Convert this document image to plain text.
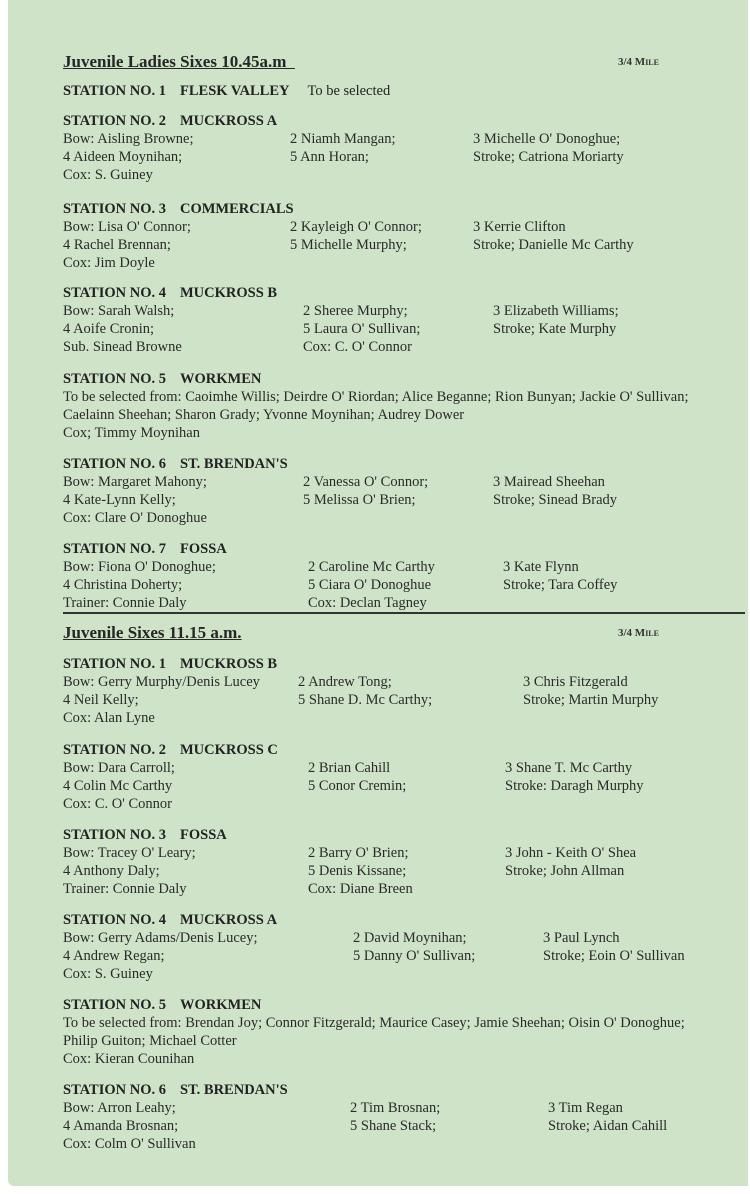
Juvenile Ladies Sixes 10.45a.m	3/4 Mile
STATION NO. 1 FLESK VALLEY To be selected
STATION NO. 2 MUCKROSS A
Bow: Aisling Browne;	2 Niamh Mangan;	3 Michelle O' Donoghue;
4 Aideen Moynihan;	5 Ann Horan;	Stroke; Catriona Moriarty
Cox: S. Guiney
STATION NO. 3 COMMERCIALS
Bow: Lisa O' Connor;	2 Kayleigh O' Connor;	3 Kerrie Clifton
4 Rachel Brennan;	5 Michelle Murphy;	Stroke; Danielle Mc Carthy
Cox: Jim Doyle
STATION NO. 4 MUCKROSS B
Bow: Sarah Walsh;	2 Sheree Murphy;	3 Elizabeth Williams;
4 Aoife Cronin;	5 Laura O' Sullivan;	Stroke; Kate Murphy
Sub. Sinead Browne	Cox: C. O' Connor
STATION NO. 5 WORKMEN
To be selected from: Caoimhe Willis; Deirdre O' Riordan; Alice Beganne; Rion Bunyan; Jackie O' Sullivan; Caelainn Sheehan; Sharon Grady; Yvonne Moynihan; Audrey Dower
Cox; Timmy Moynihan
STATION NO. 6 ST. BRENDAN'S
Bow: Margaret Mahony;	2 Vanessa O' Connor;	3 Mairead Sheehan
4 Kate-Lynn Kelly;	5 Melissa O' Brien;	Stroke; Sinead Brady
Cox: Clare O' Donoghue
STATION NO. 7 FOSSA
Bow: Fiona O' Donoghue;	2 Caroline Mc Carthy	3 Kate Flynn
4 Christina Doherty;	5 Ciara O' Donoghue	Stroke; Tara Coffey
Trainer: Connie Daly	Cox: Declan Tagney
Juvenile Sixes 11.15 a.m.	3/4 Mile
STATION NO. 1 MUCKROSS B
Bow: Gerry Murphy/Denis Lucey	2 Andrew Tong;	3 Chris Fitzgerald
4 Neil Kelly;	5 Shane D. Mc Carthy;	Stroke; Martin Murphy
Cox: Alan Lyne
STATION NO. 2 MUCKROSS C
Bow: Dara Carroll;	2 Brian Cahill	3 Shane T. Mc Carthy
4 Colin Mc Carthy	5 Conor Cremin;	Stroke: Daragh Murphy
Cox: C. O' Connor
STATION NO. 3 FOSSA
Bow: Tracey O' Leary;	2 Barry O' Brien;	3 John - Keith O' Shea
4 Anthony Daly;	5 Denis Kissane;	Stroke; John Allman
Trainer: Connie Daly	Cox: Diane Breen
STATION NO. 4 MUCKROSS A
Bow: Gerry Adams/Denis Lucey;	2 David Moynihan;	3 Paul Lynch
4 Andrew Regan;	5 Danny O' Sullivan;	Stroke; Eoin O' Sullivan
Cox: S. Guiney
STATION NO. 5 WORKMEN
To be selected from: Brendan Joy; Connor Fitzgerald; Maurice Casey; Jamie Sheehan; Oisin O' Donoghue; Philip Guiton; Michael Cotter
Cox: Kieran Counihan
STATION NO. 6 ST. BRENDAN'S
Bow: Arron Leahy;	2 Tim Brosnan;	3 Tim Regan
4 Amanda Brosnan;	5 Shane Stack;	Stroke; Aidan Cahill
Cox: Colm O' Sullivan
